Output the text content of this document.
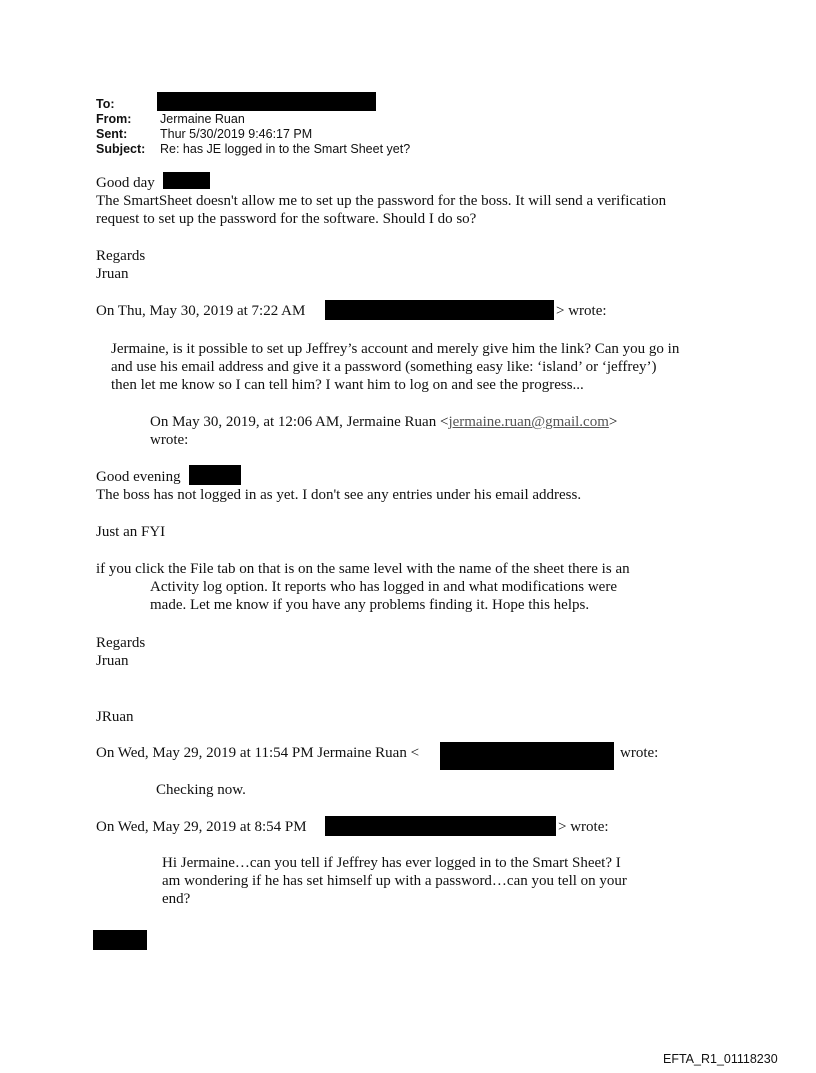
To:
From: Jermaine Ruan
Sent:	Thur 5/30/2019 9:46:17 PM
Subject: Re: has JE logged in to the Smart Sheet yet?
Good day
The SmartSheet doesn't allow me to set up the password for the boss. It will send a verification
request to set up the password for the software. Should I do so?
Regards
Jruan
On Thu, May 30, 2019 at 7:22 AM	> wrote:
Jermaine, is it possible to set up Jeffrey’s account and merely give him the link? Can you go in
and use his email address and give it a password (something easy like: ‘island’ or ‘jeffrey’)
then let me know so I can tell him? I want him to log on and see the progress...
On May 30, 2019, at 12:06 AM, Jermaine Ruan <jermaine.ruan@gmail.com>
wrote:
Good evening
The boss has not logged in as yet. I don't see any entries under his email address.
Just an FYI
if you click the File tab on that is on the same level with the name of the sheet there is an
Activity log option. It reports who has logged in and what modifications were
made. Let me know if you have any problems finding it. Hope this helps.
Regards
Jruan
JRuan
On Wed, May 29, 2019 at 11:54 PM Jermaine Ruan <	wrote:
Checking now.
On Wed, May 29, 2019 at 8:54 PM	> wrote:
Hi Jermaine…can you tell if Jeffrey has ever logged in to the Smart Sheet? I
am wondering if he has set himself up with a password…can you tell on your
end?
EFTA_R1_01118230
